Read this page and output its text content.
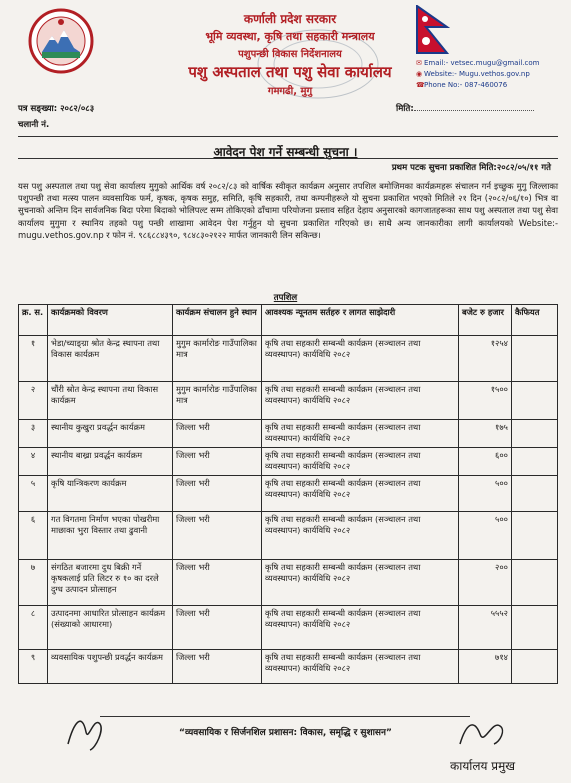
कर्णाली प्रदेश सरकार
भूमि व्यवस्था, कृषि तथा सहकारी मन्त्रालय
पशुपन्छी विकास निर्देशनालय
पशु अस्पताल तथा पशु सेवा कार्यालय
गमगढी, मुगु
✉ Email:- vetsec.mugu@gmail.com
◉ Website:- Mugu.vethos.gov.np
☎Phone No:- 087-460076
पत्र सङ्ख्या: २०८२/०८३	मिति:
चलानी नं.
आवेदन पेश गर्ने सम्बन्धी सुचना ।
प्रथम पटक सुचना प्रकाशित मिति:२०८२/०५/११ गते
यस पशु अस्पताल तथा पशु सेवा कार्यालय मुगुको आर्थिक वर्ष २०८२/८३ को वार्षिक स्वीकृत कार्यक्रम अनुसार तपशिल बमोजिमका कार्यक्रमहरू संचालन गर्न इच्छुक मुगु जिल्लाका पशुपन्छी तथा मत्स्य पालन व्यवसायिक फर्म, कृषक, कृषक समुह, समिति, कृषि सहकारी, तथा कम्पनीहरूले यो सुचना प्रकाशित भएको मितिले २१ दिन (२०८२/०६/१०) भित्र वा सुचनाको अन्तिम दिन सार्वजनिक बिदा परेमा बिदाको भोलिपल्ट सम्म तोकिएको ढाँचामा परियोजना प्रस्ताव सहित देहाय अनुसारको कागजातहरूका साथ पशु अस्पताल तथा पशु सेवा कार्यालय मुगुमा र स्थानिय तहको पशु पन्छी शाखामा आवेदन पेश गर्नुहुन यो सुचना प्रकाशित गरिएको छ। साथै अन्य जानकारीका लागी कार्यालयको Website:-mugu.vethos.gov.np र फोन नं. ९८६८८४३९०, ९८४८३०२१२२ मार्फत जानकारी लिन सकिन्छ।
तपशिल
क्र. स.	कार्यक्रमको विवरण	कार्यक्रम संचालन हुने स्थान	आवश्यक न्यूनतम सर्तहरु र लागत साझेदारी	बजेट रु हजार	कैफियत
१	भेडा/च्याङ्ग्रा श्रोत केन्द्र स्थापना तथा विकास कार्यक्रम	मुगुम कार्मारोङ गाउँपालिका मात्र	कृषि तथा सहकारी सम्बन्धी कार्यक्रम (सञ्चालन तथा व्यवस्थापन) कार्यविधि २०८२	१२५४	
२	चौंरी स्रोत केन्द्र स्थापना तथा विकास कार्यक्रम	मुगुम कार्मारोङ गाउँपालिका मात्र	कृषि तथा सहकारी सम्बन्धी कार्यक्रम (सञ्चालन तथा व्यवस्थापन) कार्यविधि २०८२	१५००	
३	स्थानीय कुखुरा प्रवर्द्धन कार्यक्रम	जिल्ला भरी	कृषि तथा सहकारी सम्बन्धी कार्यक्रम (सञ्चालन तथा व्यवस्थापन) कार्यविधि २०८२	१७५	
४	स्थानीय बाख्रा प्रवर्द्धन कार्यक्रम	जिल्ला भरी	कृषि तथा सहकारी सम्बन्धी कार्यक्रम (सञ्चालन तथा व्यवस्थापन) कार्यविधि २०८२	६००	
५	कृषि यान्त्रिकरण कार्यक्रम	जिल्ला भरी	कृषि तथा सहकारी सम्बन्धी कार्यक्रम (सञ्चालन तथा व्यवस्थापन) कार्यविधि २०८२	५००	
६	गत विगतमा निर्माण भएका पोखरीमा माछाका भुरा विस्तार तथा ढुवानी	जिल्ला भरी	कृषि तथा सहकारी सम्बन्धी कार्यक्रम (सञ्चालन तथा व्यवस्थापन) कार्यविधि २०८२	५००	
७	संगठित बजारमा दुध बिक्री गर्ने कृषकलाई प्रति लिटर रु १० का दरले दुग्ध उत्पादन प्रोत्साहन	जिल्ला भरी	कृषि तथा सहकारी सम्बन्धी कार्यक्रम (सञ्चालन तथा व्यवस्थापन) कार्यविधि २०८२	२००	
८	उत्पादनमा आधारित प्रोत्साहन कार्यक्रम (संख्याको आधारमा)	जिल्ला भरी	कृषि तथा सहकारी सम्बन्धी कार्यक्रम (सञ्चालन तथा व्यवस्थापन) कार्यविधि २०८२	५५५२	
९	व्यवसायिक पशुपन्छी प्रवर्द्धन कार्यक्रम	जिल्ला भरी	कृषि तथा सहकारी सम्बन्धी कार्यक्रम (सञ्चालन तथा व्यवस्थापन) कार्यविधि २०८२	७१४	
“व्यवसायिक र सिर्जनशिल प्रशासन: विकास, समृद्धि र सुशासन”
कार्यालय प्रमुख
